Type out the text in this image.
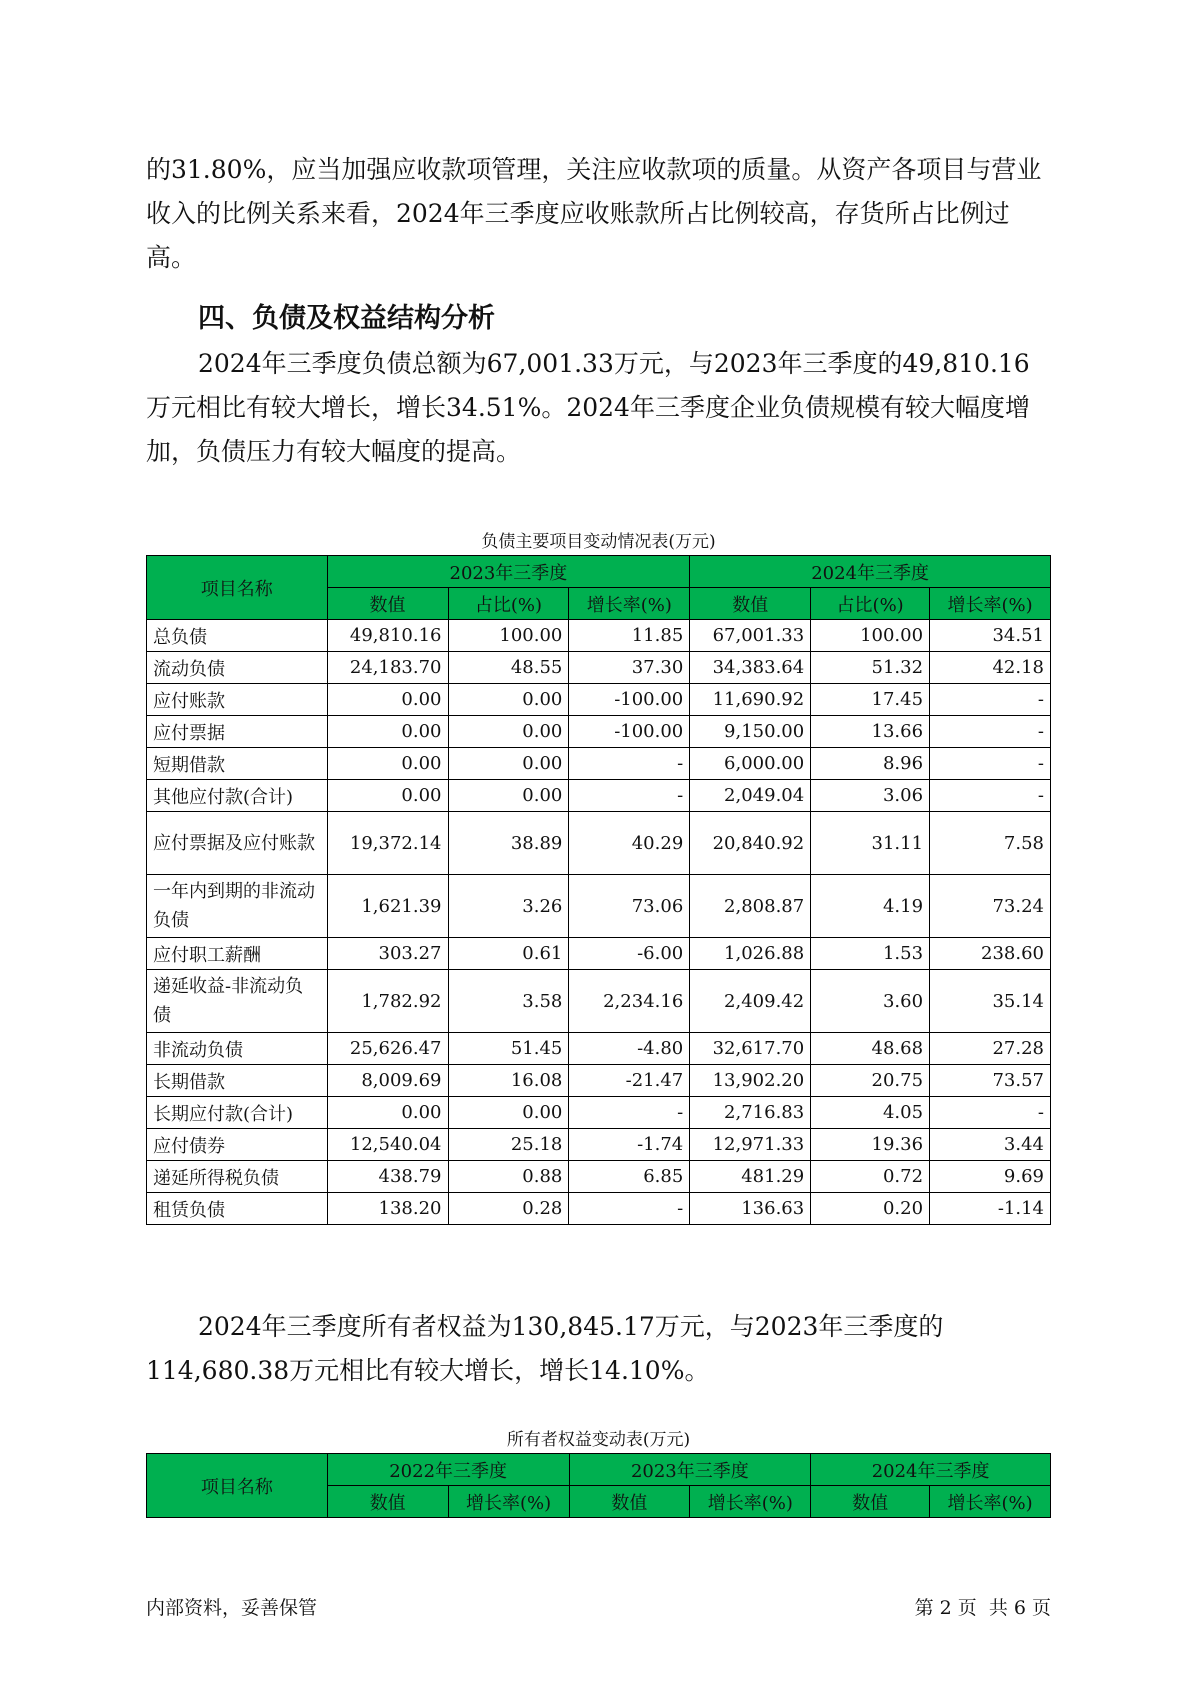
的31.80%，应当加强应收款项管理，关注应收款项的质量。从资产各项目与营业收入的比例关系来看，2024年三季度应收账款所占比例较高，存货所占比例过高。

四、负债及权益结构分析

2024年三季度负债总额为67,001.33万元，与2023年三季度的49,810.16万元相比有较大增长，增长34.51%。2024年三季度企业负债规模有较大幅度增加，负债压力有较大幅度的提高。

负债主要项目变动情况表(万元)

项目名称	2023年三季度			2024年三季度		
	数值	占比(%)	增长率(%)	数值	占比(%)	增长率(%)
总负债	49,810.16	100.00	11.85	67,001.33	100.00	34.51
流动负债	24,183.70	48.55	37.30	34,383.64	51.32	42.18
应付账款	0.00	0.00	-100.00	11,690.92	17.45	-
应付票据	0.00	0.00	-100.00	9,150.00	13.66	-
短期借款	0.00	0.00	-	6,000.00	8.96	-
其他应付款(合计)	0.00	0.00	-	2,049.04	3.06	-
应付票据及应付账款	19,372.14	38.89	40.29	20,840.92	31.11	7.58
一年内到期的非流动负债	1,621.39	3.26	73.06	2,808.87	4.19	73.24
应付职工薪酬	303.27	0.61	-6.00	1,026.88	1.53	238.60
递延收益-非流动负债	1,782.92	3.58	2,234.16	2,409.42	3.60	35.14
非流动负债	25,626.47	51.45	-4.80	32,617.70	48.68	27.28
长期借款	8,009.69	16.08	-21.47	13,902.20	20.75	73.57
长期应付款(合计)	0.00	0.00	-	2,716.83	4.05	-
应付债券	12,540.04	25.18	-1.74	12,971.33	19.36	3.44
递延所得税负债	438.79	0.88	6.85	481.29	0.72	9.69
租赁负债	138.20	0.28	-	136.63	0.20	-1.14

2024年三季度所有者权益为130,845.17万元，与2023年三季度的114,680.38万元相比有较大增长，增长14.10%。

所有者权益变动表(万元)

项目名称	2022年三季度		2023年三季度		2024年三季度	
	数值	增长率(%)	数值	增长率(%)	数值	增长率(%)

内部资料，妥善保管	第 2 页  共 6 页
